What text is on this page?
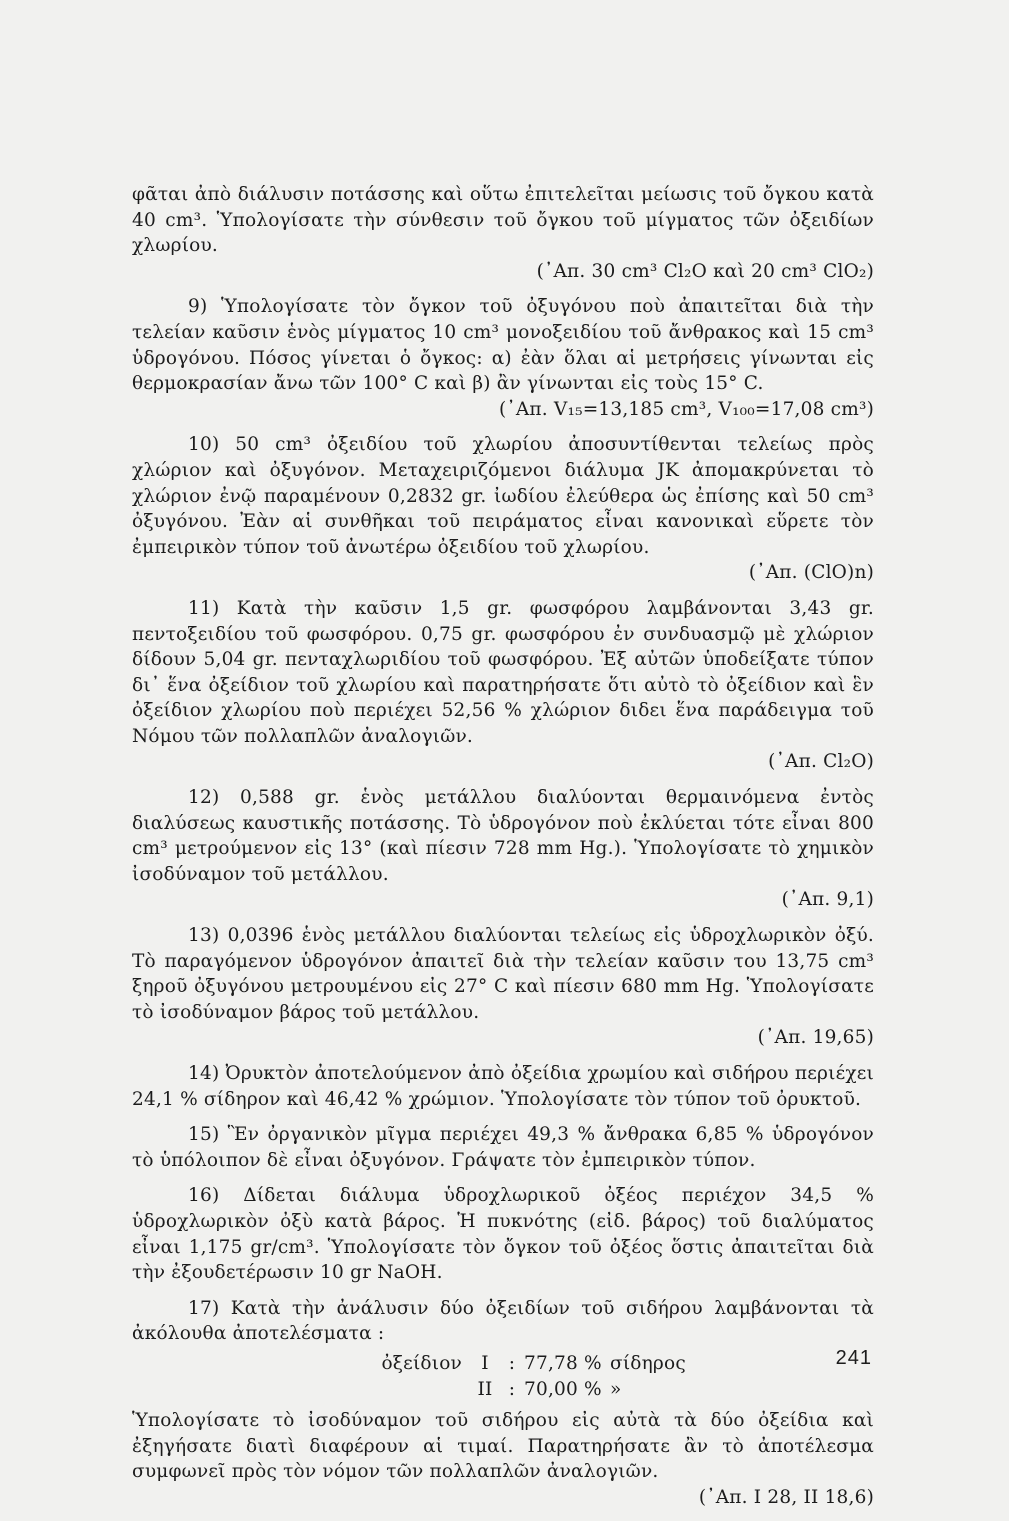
φᾶται ἀπὸ διάλυσιν ποτάσσης καὶ οὕτω ἐπιτελεῖται μείωσις τοῦ ὄγκου κατὰ 40 cm³. Ὑπολογίσατε τὴν σύνθεσιν τοῦ ὄγκου τοῦ μίγματος τῶν ὀξειδίων χλωρίου.
(᾽Απ. 30 cm³ Cl₂O καὶ 20 cm³ ClO₂)

9) Ὑπολογίσατε τὸν ὄγκον τοῦ ὀξυγόνου ποὺ ἀπαιτεῖται διὰ τὴν τελείαν καῦσιν ἑνὸς μίγματος 10 cm³ μονοξειδίου τοῦ ἄνθρακος καὶ 15 cm³ ὑδρογόνου. Πόσος γίνεται ὁ ὄγκος: α) ἐὰν ὅλαι αἱ μετρήσεις γίνωνται εἰς θερμοκρασίαν ἄνω τῶν 100° C καὶ β) ἂν γίνωνται εἰς τοὺς 15° C.
(᾽Απ. V₁₅=13,185 cm³, V₁₀₀=17,08 cm³)

10) 50 cm³ ὀξειδίου τοῦ χλωρίου ἀποσυντίθενται τελείως πρὸς χλώριον καὶ ὀξυγόνον. Μεταχειριζόμενοι διάλυμα JK ἀπομακρύνεται τὸ χλώριον ἐνῷ παραμένουν 0,2832 gr. ἰωδίου ἐλεύθερα ὡς ἐπίσης καὶ 50 cm³ ὀξυγόνου. Ἐὰν αἱ συνθῆκαι τοῦ πειράματος εἶναι κανονικαὶ εὕρετε τὸν ἐμπειρικὸν τύπον τοῦ ἀνωτέρω ὀξειδίου τοῦ χλωρίου.
(᾽Απ. (ClO)n)

11) Κατὰ τὴν καῦσιν 1,5 gr. φωσφόρου λαμβάνονται 3,43 gr. πεντοξειδίου τοῦ φωσφόρου. 0,75 gr. φωσφόρου ἐν συνδυασμῷ μὲ χλώριον δίδουν 5,04 gr. πενταχλωριδίου τοῦ φωσφόρου. Ἐξ αὐτῶν ὑποδείξατε τύπον δι᾽ ἕνα ὀξείδιον τοῦ χλωρίου καὶ παρατηρήσατε ὅτι αὐτὸ τὸ ὀξείδιον καὶ ἓν ὀξείδιον χλωρίου ποὺ περιέχει 52,56 % χλώριον διδει ἕνα παράδειγμα τοῦ Νόμου τῶν πολλαπλῶν ἀναλογιῶν.
(᾽Απ. Cl₂O)

12) 0,588 gr. ἑνὸς μετάλλου διαλύονται θερμαινόμενα ἐντὸς διαλύσεως καυστικῆς ποτάσσης. Τὸ ὑδρογόνον ποὺ ἐκλύεται τότε εἶναι 800 cm³ μετρούμενον εἰς 13° (καὶ πίεσιν 728 mm Hg.). Ὑπολογίσατε τὸ χημικὸν ἰσοδύναμον τοῦ μετάλλου.
(᾽Απ. 9,1)

13) 0,0396 ἑνὸς μετάλλου διαλύονται τελείως εἰς ὑδροχλωρικὸν ὀξύ. Τὸ παραγόμενον ὑδρογόνον ἀπαιτεῖ διὰ τὴν τελείαν καῦσιν του 13,75 cm³ ξηροῦ ὀξυγόνου μετρουμένου εἰς 27° C καὶ πίεσιν 680 mm Hg. Ὑπολογίσατε τὸ ἰσοδύναμον βάρος τοῦ μετάλλου.
(᾽Απ. 19,65)

14) Ὀρυκτὸν ἀποτελούμενον ἀπὸ ὀξείδια χρωμίου καὶ σιδήρου περιέχει 24,1 % σίδηρον καὶ 46,42 % χρώμιον. Ὑπολογίσατε τὸν τύπον τοῦ ὀρυκτοῦ.

15) Ἓν ὀργανικὸν μῖγμα περιέχει 49,3 % ἄνθρακα 6,85 % ὑδρογόνον τὸ ὑπόλοιπον δὲ εἶναι ὀξυγόνον. Γράψατε τὸν ἐμπειρικὸν τύπον.

16) Δίδεται διάλυμα ὑδροχλωρικοῦ ὀξέος περιέχον 34,5 % ὑδροχλωρικὸν ὀξὺ κατὰ βάρος. Ἡ πυκνότης (εἰδ. βάρος) τοῦ διαλύματος εἶναι 1,175 gr/cm³. Ὑπολογίσατε τὸν ὄγκον τοῦ ὀξέος ὅστις ἀπαιτεῖται διὰ τὴν ἐξουδετέρωσιν 10 gr NaOH.

17) Κατὰ τὴν ἀνάλυσιν δύο ὀξειδίων τοῦ σιδήρου λαμβάνονται τὰ ἀκόλουθα ἀποτελέσματα :

ὀξείδιον	I	: 77,78 % σίδηρος
II : 70,00 % »

Ὑπολογίσατε τὸ ἰσοδύναμον τοῦ σιδήρου εἰς αὐτὰ τὰ δύο ὀξείδια καὶ ἐξηγήσατε διατὶ διαφέρουν αἱ τιμαί. Παρατηρήσατε ἂν τὸ ἀποτέλεσμα συμφωνεῖ πρὸς τὸν νόμον τῶν πολλαπλῶν ἀναλογιῶν.

(᾽Απ. I 28, II 18,6)

241
